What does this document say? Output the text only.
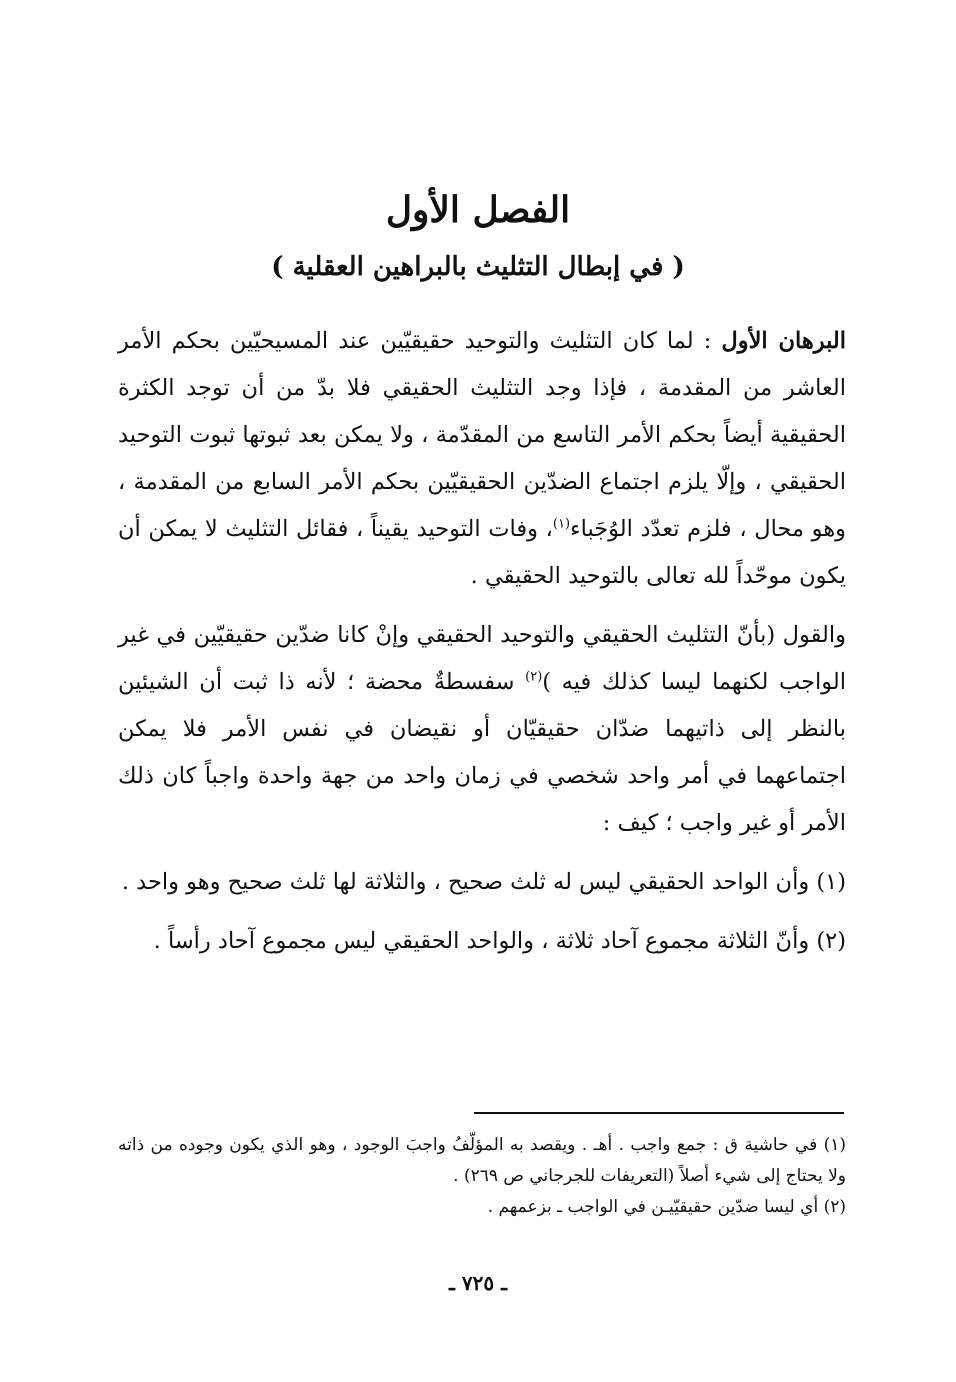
الفصل الأول
( في إبطال التثليث بالبراهين العقلية )

البرهان الأول : لما كان التثليث والتوحيد حقيقيّين عند المسيحيّين بحكم الأمر العاشر من المقدمة ، فإذا وجد التثليث الحقيقي فلا بدّ من أن توجد الكثرة الحقيقية أيضاً بحكم الأمر التاسع من المقدّمة ، ولا يمكن بعد ثبوتها ثبوت التوحيد الحقيقي ، وإلّا يلزم اجتماع الضدّين الحقيقيّين بحكم الأمر السابع من المقدمة ، وهو محال ، فلزم تعدّد الوُجَباء$^{(١)}$، وفات التوحيد يقيناً ، فقائل التثليث لا يمكن أن يكون موحّداً لله تعالى بالتوحيد الحقيقي .

والقول (بأنّ التثليث الحقيقي والتوحيد الحقيقي وإنْ كانا ضدّين حقيقيّين في غير الواجب لكنهما ليسا كذلك فيه )$^{(٢)}$ سفسطةٌ محضة ؛ لأنه ذا ثبت أن الشيئين بالنظر إلى ذاتيهما ضدّان حقيقيّان أو نقيضان في نفس الأمر فلا يمكن اجتماعهما في أمر واحد شخصي في زمان واحد من جهة واحدة واجباً كان ذلك الأمر أو غير واجب ؛ كيف :

(١) وأن الواحد الحقيقي ليس له ثلث صحيح ، والثلاثة لها ثلث صحيح وهو واحد .

(٢) وأنّ الثلاثة مجموع آحاد ثلاثة ، والواحد الحقيقي ليس مجموع آحاد رأساً .

(١) في حاشية ق : جمع واجب . أهـ . ويقصد به المؤلّفُ واجبَ الوجود ، وهو الذي يكون وجوده من ذاته ولا يحتاج إلى شيء أصلاً (التعريفات للجرجاني ص ٢٦٩) .

(٢) أي ليسا ضدّين حقيقيّيـن في الواجب ـ بزعمهم .

ـ ٧٢٥ ـ
